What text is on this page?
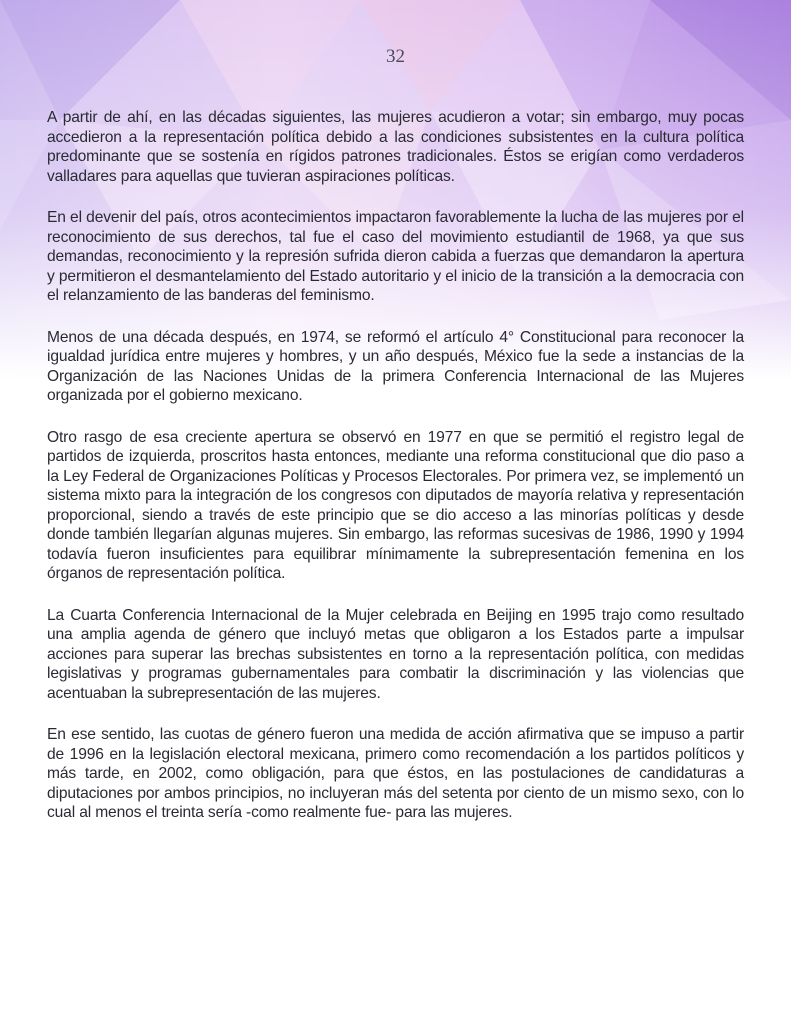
32

A partir de ahí, en las décadas siguientes, las mujeres acudieron a votar; sin embargo, muy pocas accedieron a la representación política debido a las condiciones subsistentes en la cultura política predominante que se sostenía en rígidos patrones tradicionales. Éstos se erigían como verdaderos valladares para aquellas que tuvieran aspiraciones políticas.

En el devenir del país, otros acontecimientos impactaron favorablemente la lucha de las mujeres por el reconocimiento de sus derechos, tal fue el caso del movimiento estudiantil de 1968, ya que sus demandas, reconocimiento y la represión sufrida dieron cabida a fuerzas que demandaron la apertura y permitieron el desmantelamiento del Estado autoritario y el inicio de la transición a la democracia con el relanzamiento de las banderas del feminismo.

Menos de una década después, en 1974, se reformó el artículo 4° Constitucional para reconocer la igualdad jurídica entre mujeres y hombres, y un año después, México fue la sede a instancias de la Organización de las Naciones Unidas de la primera Conferencia Internacional de las Mujeres organizada por el gobierno mexicano.

Otro rasgo de esa creciente apertura se observó en 1977 en que se permitió el registro legal de partidos de izquierda, proscritos hasta entonces, mediante una reforma constitucional que dio paso a la Ley Federal de Organizaciones Políticas y Procesos Electorales. Por primera vez, se implementó un sistema mixto para la integración de los congresos con diputados de mayoría relativa y representación proporcional, siendo a través de este principio que se dio acceso a las minorías políticas y desde donde también llegarían algunas mujeres. Sin embargo, las reformas sucesivas de 1986, 1990 y 1994 todavía fueron insuficientes para equilibrar mínimamente la subrepresentación femenina en los órganos de representación política.

La Cuarta Conferencia Internacional de la Mujer celebrada en Beijing en 1995 trajo como resultado una amplia agenda de género que incluyó metas que obligaron a los Estados parte a impulsar acciones para superar las brechas subsistentes en torno a la representación política, con medidas legislativas y programas gubernamentales para combatir la discriminación y las violencias que acentuaban la subrepresentación de las mujeres.

En ese sentido, las cuotas de género fueron una medida de acción afirmativa que se impuso a partir de 1996 en la legislación electoral mexicana, primero como recomendación a los partidos políticos y más tarde, en 2002, como obligación, para que éstos, en las postulaciones de candidaturas a diputaciones por ambos principios, no incluyeran más del setenta por ciento de un mismo sexo, con lo cual al menos el treinta sería -como realmente fue- para las mujeres.
